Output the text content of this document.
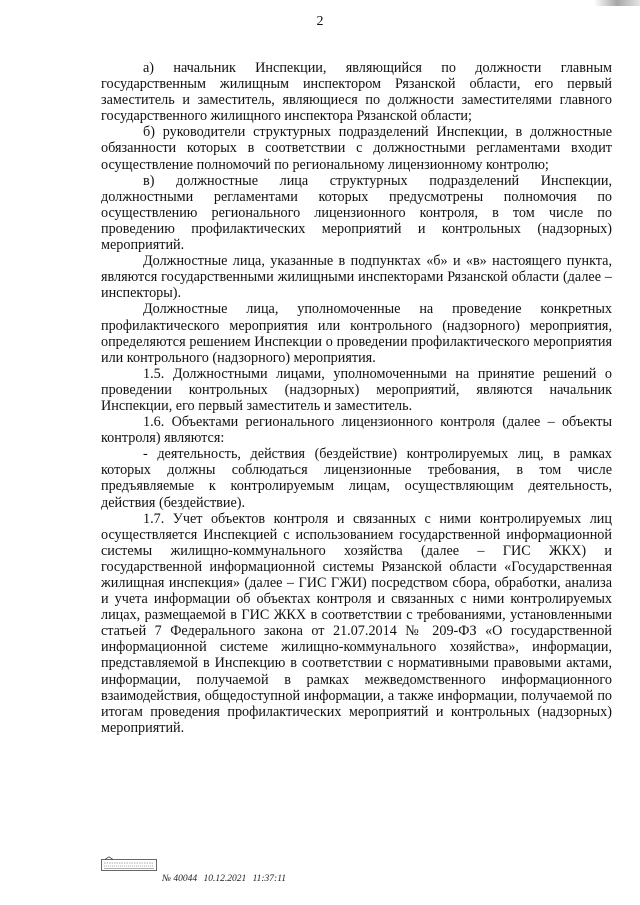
2

а) начальник Инспекции, являющийся по должности главным государственным жилищным инспектором Рязанской области, его первый заместитель и заместитель, являющиеся по должности заместителями главного государственного жилищного инспектора Рязанской области;

б) руководители структурных подразделений Инспекции, в должностные обязанности которых в соответствии с должностными регламентами входит осуществление полномочий по региональному лицензионному контролю;

в) должностные лица структурных подразделений Инспекции, должностными регламентами которых предусмотрены полномочия по осуществлению регионального лицензионного контроля, в том числе по проведению профилактических мероприятий и контрольных (надзорных) мероприятий.

Должностные лица, указанные в подпунктах «б» и «в» настоящего пункта, являются государственными жилищными инспекторами Рязанской области (далее – инспекторы).

Должностные лица, уполномоченные на проведение конкретных профилактического мероприятия или контрольного (надзорного) мероприятия, определяются решением Инспекции о проведении профилактического мероприятия или контрольного (надзорного) мероприятия.

1.5. Должностными лицами, уполномоченными на принятие решений о проведении контрольных (надзорных) мероприятий, являются начальник Инспекции, его первый заместитель и заместитель.

1.6. Объектами регионального лицензионного контроля (далее – объекты контроля) являются:

- деятельность, действия (бездействие) контролируемых лиц, в рамках которых должны соблюдаться лицензионные требования, в том числе предъявляемые к контролируемым лицам, осуществляющим деятельность, действия (бездействие).

1.7. Учет объектов контроля и связанных с ними контролируемых лиц осуществляется Инспекцией с использованием государственной информационной системы жилищно-коммунального хозяйства (далее – ГИС ЖКХ) и государственной информационной системы Рязанской области «Государственная жилищная инспекция» (далее – ГИС ГЖИ) посредством сбора, обработки, анализа и учета информации об объектах контроля и связанных с ними контролируемых лицах, размещаемой в ГИС ЖКХ в соответствии с требованиями, установленными статьей 7 Федерального закона от 21.07.2014 № 209-ФЗ «О государственной информационной системе жилищно-коммунального хозяйства», информации, представляемой в Инспекцию в соответствии с нормативными правовыми актами, информации, получаемой в рамках межведомственного информационного взаимодействия, общедоступной информации, а также информации, получаемой по итогам проведения профилактических мероприятий и контрольных (надзорных) мероприятий.

№ 40044 10.12.2021 11:37:11
